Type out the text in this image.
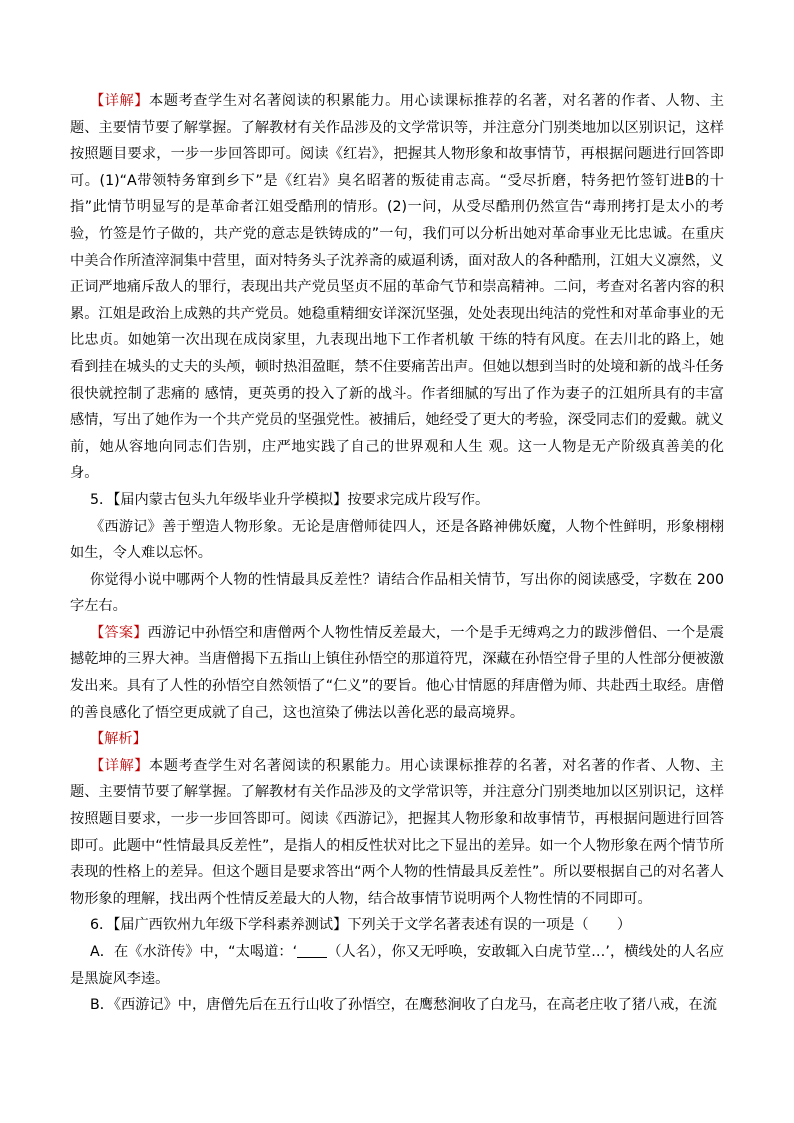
【详解】本题考查学生对名著阅读的积累能力。用心读课标推荐的名著，对名著的作者、人物、主题、主要情节要了解掌握。了解教材有关作品涉及的文学常识等，并注意分门别类地加以区别识记，这样按照题目要求，一步一步回答即可。阅读《红岩》，把握其人物形象和故事情节，再根据问题进行回答即可。(1)“A带领特务窜到乡下”是《红岩》臭名昭著的叛徒甫志高。“受尽折磨，特务把竹签钉进B的十指”此情节明显写的是革命者江姐受酷刑的情形。(2)一问，从受尽酷刑仍然宣告“毒刑拷打是太小的考验，竹签是竹子做的，共产党的意志是铁铸成的”一句，我们可以分析出她对革命事业无比忠诚。在重庆中美合作所渣滓洞集中营里，面对特务头子沈养斋的威逼利诱，面对敌人的各种酷刑，江姐大义凛然，义正词严地痛斥敌人的罪行，表现出共产党员坚贞不屈的革命气节和崇高精神。二问，考查对名著内容的积累。江姐是政治上成熟的共产党员。她稳重精细安详深沉坚强，处处表现出纯洁的党性和对革命事业的无比忠贞。如她第一次出现在成岗家里，九表现出地下工作者机敏 干练的特有风度。在去川北的路上，她看到挂在城头的丈夫的头颅，顿时热泪盈眶，禁不住要痛苦出声。但她以想到当时的处境和新的战斗任务很快就控制了悲痛的 感情，更英勇的投入了新的战斗。作者细腻的写出了作为妻子的江姐所具有的丰富感情，写出了她作为一个共产党员的坚强党性。被捕后，她经受了更大的考验，深受同志们的爱戴。就义前，她从容地向同志们告别，庄严地实践了自己的世界观和人生 观。这一人物是无产阶级真善美的化身。

5．【届内蒙古包头九年级毕业升学模拟】按要求完成片段写作。

《西游记》善于塑造人物形象。无论是唐僧师徒四人，还是各路神佛妖魔，人物个性鲜明，形象栩栩如生，令人难以忘怀。

你觉得小说中哪两个人物的性情最具反差性？请结合作品相关情节，写出你的阅读感受，字数在 200 字左右。

【答案】西游记中孙悟空和唐僧两个人物性情反差最大，一个是手无缚鸡之力的跋涉僧侣、一个是震撼乾坤的三界大神。当唐僧揭下五指山上镇住孙悟空的那道符咒，深藏在孙悟空骨子里的人性部分便被激发出来。具有了人性的孙悟空自然领悟了“仁义”的要旨。他心甘情愿的拜唐僧为师、共赴西土取经。唐僧的善良感化了悟空更成就了自己，这也渲染了佛法以善化恶的最高境界。

【解析】

【详解】本题考查学生对名著阅读的积累能力。用心读课标推荐的名著，对名著的作者、人物、主题、主要情节要了解掌握。了解教材有关作品涉及的文学常识等，并注意分门别类地加以区别识记，这样按照题目要求，一步一步回答即可。阅读《西游记》，把握其人物形象和故事情节，再根据问题进行回答即可。此题中“性情最具反差性”，是指人的相反性状对比之下显出的差异。如一个人物形象在两个情节所表现的性格上的差异。但这个题目是要求答出“两个人物的性情最具反差性”。所以要根据自己的对名著人物形象的理解，找出两个性情反差最大的人物，结合故事情节说明两个人物性情的不同即可。

6．【届广西钦州九年级下学科素养测试】下列关于文学名著表述有误的一项是（　　）

A．在《水浒传》中，“太喝道：‘ （人名），你又无呼唤，安敢辄入白虎节堂…’，横线处的人名应是黑旋风李逵。

B．《西游记》中，唐僧先后在五行山收了孙悟空，在鹰愁涧收了白龙马，在高老庄收了猪八戒，在流
